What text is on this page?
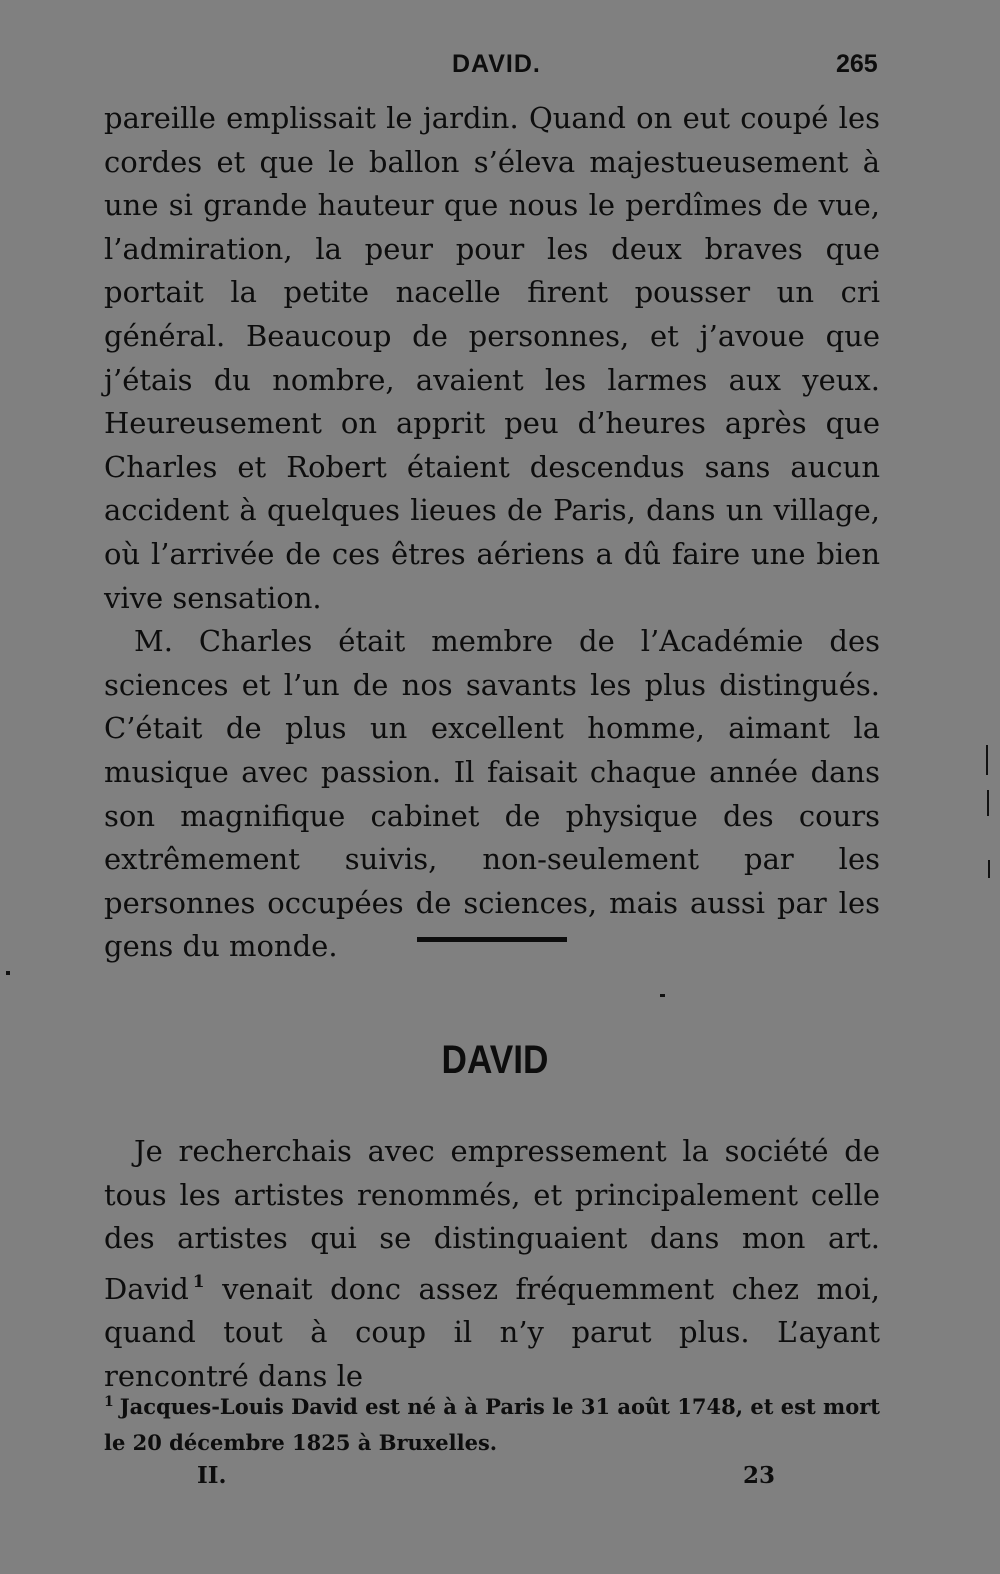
DAVID.	265

pareille emplissait le jardin. Quand on eut coupé les cordes et que le ballon s’éleva majestueusement à une si grande hauteur que nous le perdîmes de vue, l’admiration, la peur pour les deux braves que portait la petite nacelle firent pousser un cri général. Beaucoup de personnes, et j’avoue que j’étais du nombre, avaient les larmes aux yeux. Heureusement on apprit peu d’heures après que Charles et Robert étaient descendus sans aucun accident à quelques lieues de Paris, dans un village, où l’arrivée de ces êtres aériens a dû faire une bien vive sensation.

M. Charles était membre de l’Académie des sciences et l’un de nos savants les plus distingués. C’était de plus un excellent homme, aimant la musique avec passion. Il faisait chaque année dans son magnifique cabinet de physique des cours extrêmement suivis, non-seulement par les personnes occupées de sciences, mais aussi par les gens du monde.

DAVID

Je recherchais avec empressement la société de tous les artistes renommés, et principalement celle des artistes qui se distinguaient dans mon art. David $^1$ venait donc assez fréquemment chez moi, quand tout à coup il n’y parut plus. L’ayant rencontré dans le

$^1$ Jacques-Louis David est né à à Paris le 31 août 1748, et est mort le 20 décembre 1825 à Bruxelles.

II.	23
